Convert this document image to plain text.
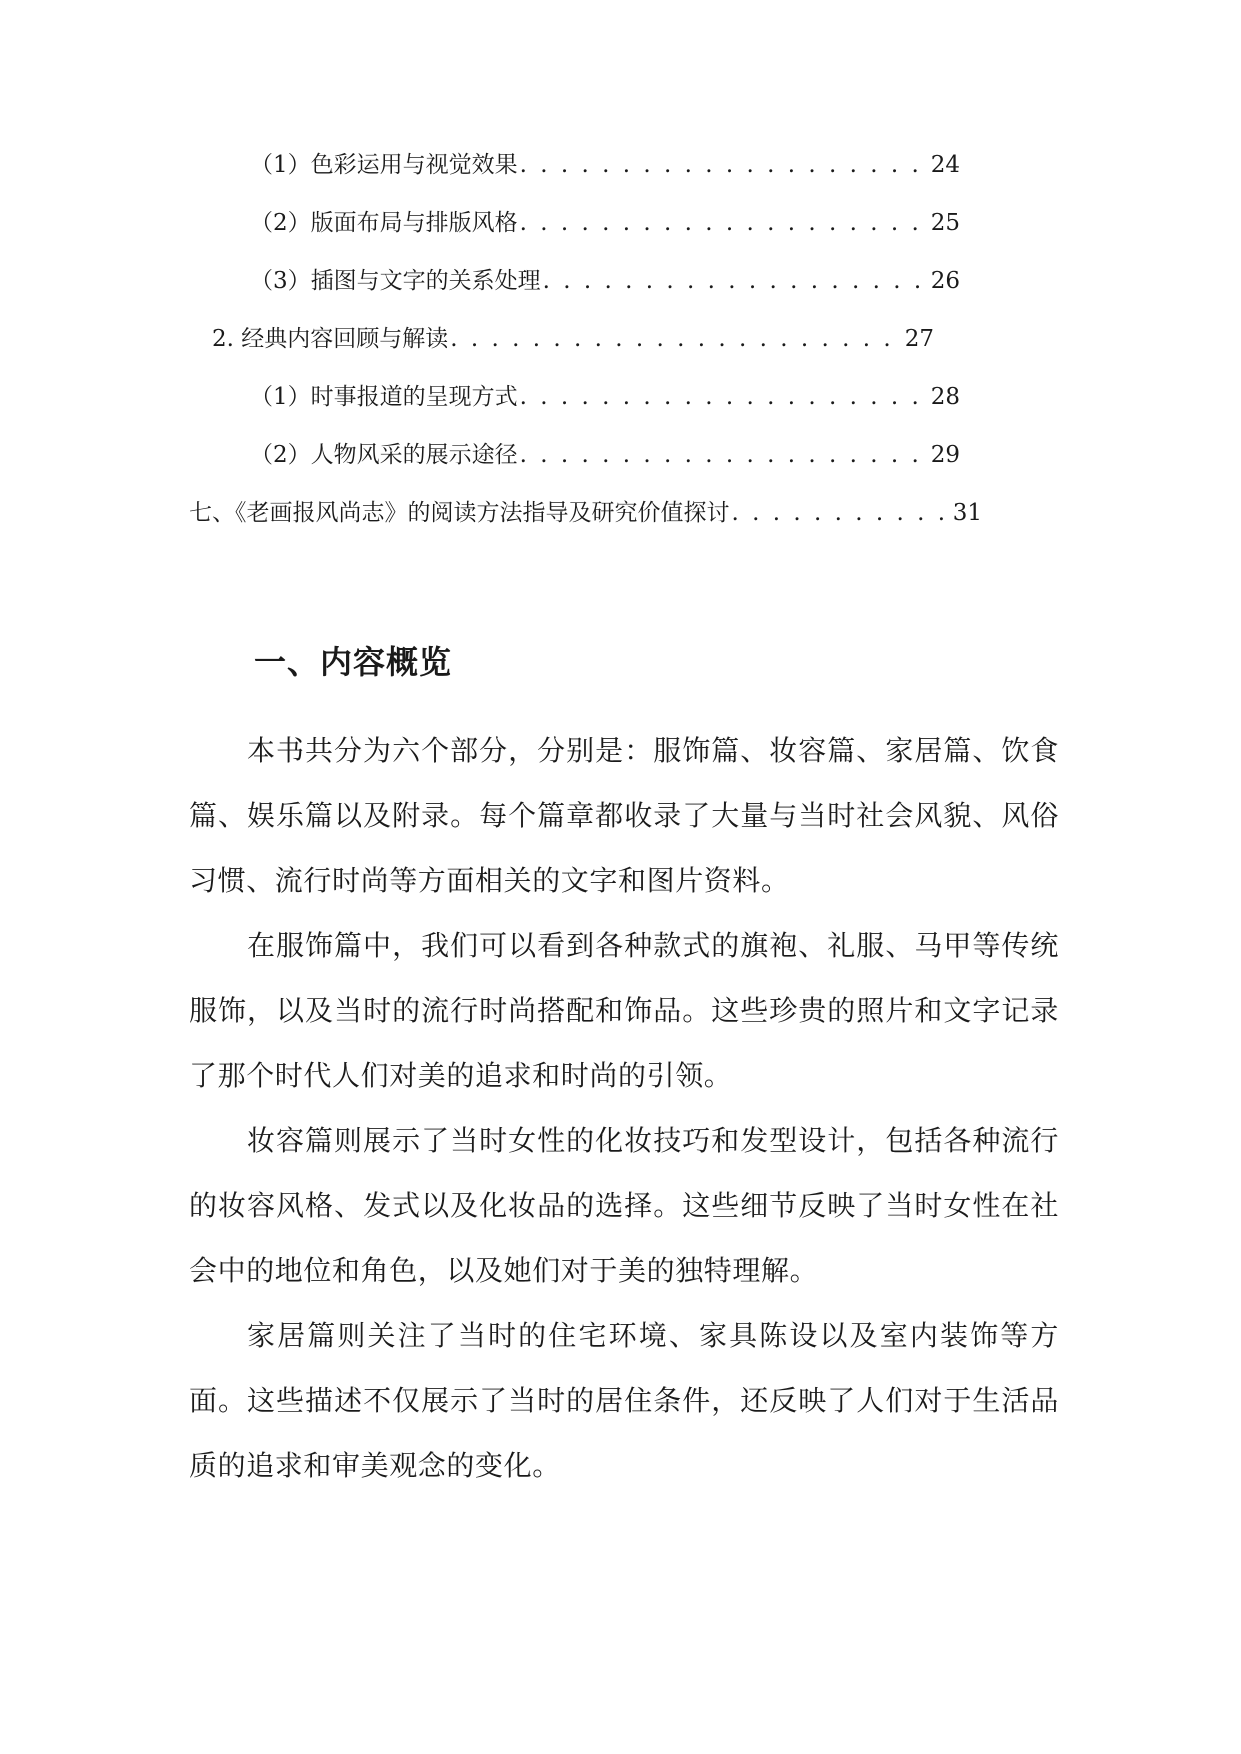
（1）色彩运用与视觉效果 . . .	24
（2）版面布局与排版风格 . . .	25
（3）插图与文字的关系处理 . . .	26
2. 经典内容回顾与解读 . . .	27
（1）时事报道的呈现方式 . . .	28
（2）人物风采的展示途径 . . .	29
七、《老画报风尚志》的阅读方法指导及研究价值探讨 . . .	31
一、内容概览

本书共分为六个部分，分别是：服饰篇、妆容篇、家居篇、饮食篇、娱乐篇以及附录。每个篇章都收录了大量与当时社会风貌、风俗习惯、流行时尚等方面相关的文字和图片资料。

在服饰篇中，我们可以看到各种款式的旗袍、礼服、马甲等传统服饰，以及当时的流行时尚搭配和饰品。这些珍贵的照片和文字记录了那个时代人们对美的追求和时尚的引领。

妆容篇则展示了当时女性的化妆技巧和发型设计，包括各种流行的妆容风格、发式以及化妆品的选择。这些细节反映了当时女性在社会中的地位和角色，以及她们对于美的独特理解。

家居篇则关注了当时的住宅环境、家具陈设以及室内装饰等方面。这些描述不仅展示了当时的居住条件，还反映了人们对于生活品质的追求和审美观念的变化。
